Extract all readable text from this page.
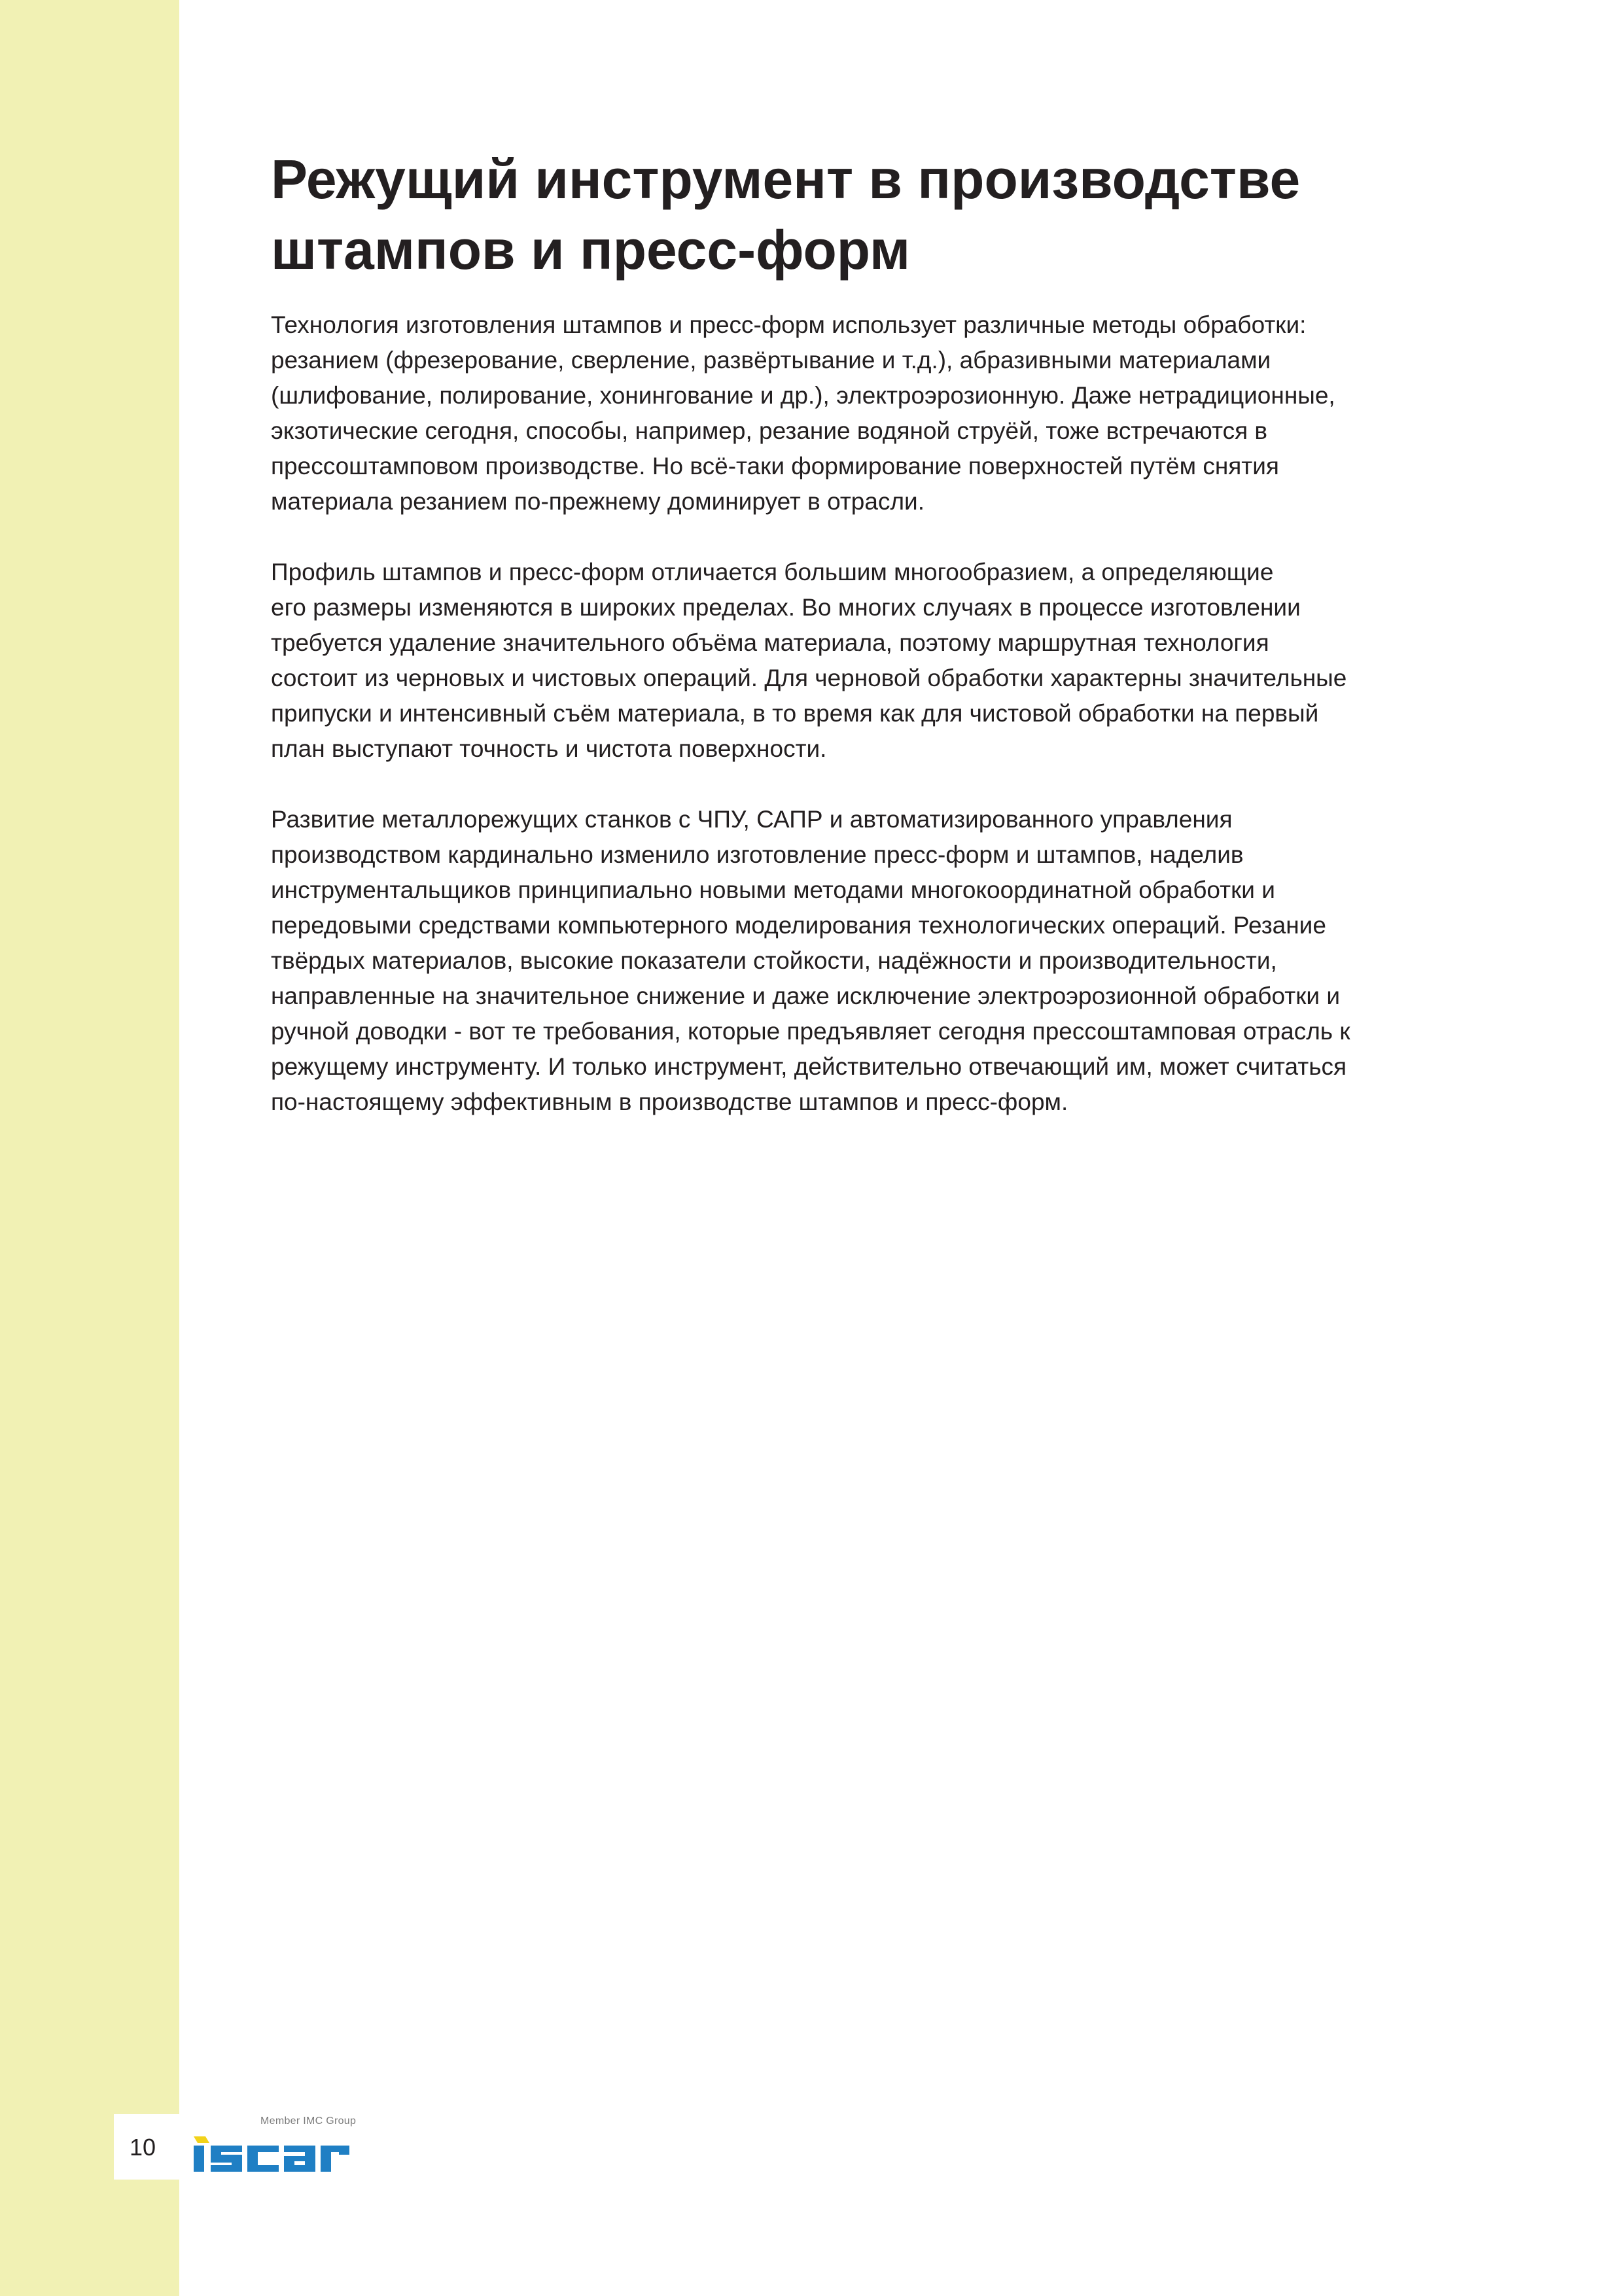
Режущий инструмент в производстве
штампов и пресс-форм

Технология изготовления штампов и пресс-форм использует различные методы обработки:
резанием (фрезерование, сверление, развёртывание и т.д.), абразивными материалами
(шлифование, полирование, хонингование и др.), электроэрозионную. Даже нетрадиционные,
экзотические сегодня, способы, например, резание водяной струёй, тоже встречаются в
прессоштамповом производстве. Но всё-таки формирование поверхностей путём снятия
материала резанием по-прежнему доминирует в отрасли.

Профиль штампов и пресс-форм отличается большим многообразием, а определяющие
его размеры изменяются в широких пределах. Во многих случаях в процессе изготовлении
требуется удаление значительного объёма материала, поэтому маршрутная технология
состоит из черновых и чистовых операций. Для черновой обработки характерны значительные
припуски и интенсивный съём материала, в то время как для чистовой обработки на первый
план выступают точность и чистота поверхности.

Развитие металлорежущих станков с ЧПУ, САПР и автоматизированного управления
производством кардинально изменило изготовление пресс-форм и штампов, наделив
инструментальщиков принципиально новыми методами многокоординатной обработки и
передовыми средствами компьютерного моделирования технологических операций. Резание
твёрдых материалов, высокие показатели стойкости, надёжности и производительности,
направленные на значительное снижение и даже исключение электроэрозионной обработки и
ручной доводки - вот те требования, которые предъявляет сегодня прессоштамповая отрасль к
режущему инструменту. И только инструмент, действительно отвечающий им, может считаться
по-настоящему эффективным в производстве штампов и пресс-форм.

10
Member IMC Group
